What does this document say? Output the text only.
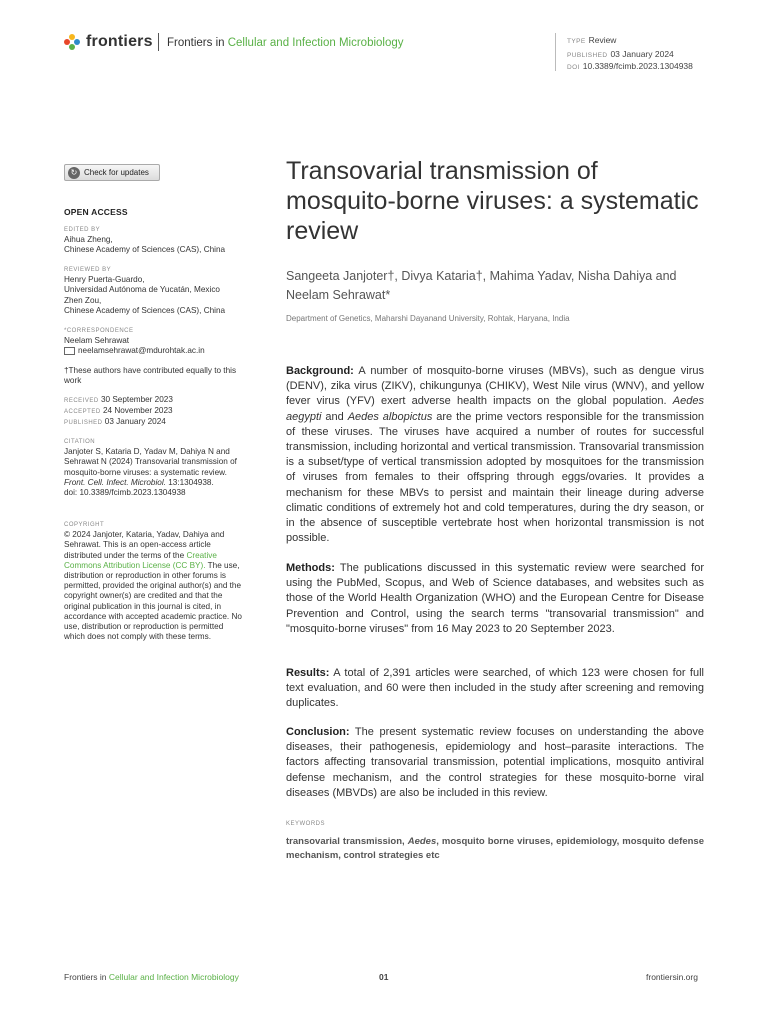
frontiers Frontiers in Cellular and Infection Microbiology	TYPE Review
PUBLISHED 03 January 2024
DOI 10.3389/fcimb.2023.1304938
↻ Check for updates
OPEN ACCESS
EDITED BY
Aihua Zheng,
Chinese Academy of Sciences (CAS), China
REVIEWED BY
Henry Puerta-Guardo,
Universidad Autónoma de Yucatán, Mexico
Zhen Zou,
Chinese Academy of Sciences (CAS), China
*CORRESPONDENCE
Neelam Sehrawat
neelamsehrawat@mdurohtak.ac.in
†These authors have contributed equally to this work
RECEIVED 30 September 2023
ACCEPTED 24 November 2023
PUBLISHED 03 January 2024
CITATION
Janjoter S, Kataria D, Yadav M, Dahiya N and Sehrawat N (2024) Transovarial transmission of mosquito-borne viruses: a systematic review.
Front. Cell. Infect. Microbiol. 13:1304938.
doi: 10.3389/fcimb.2023.1304938
COPYRIGHT
© 2024 Janjoter, Kataria, Yadav, Dahiya and Sehrawat. This is an open-access article distributed under the terms of the Creative Commons Attribution License (CC BY). The use, distribution or reproduction in other forums is permitted, provided the original author(s) and the copyright owner(s) are credited and that the original publication in this journal is cited, in accordance with accepted academic practice. No use, distribution or reproduction is permitted which does not comply with these terms.
Transovarial transmission of mosquito-borne viruses: a systematic review
Sangeeta Janjoter†, Divya Kataria†, Mahima Yadav, Nisha Dahiya and Neelam Sehrawat*
Department of Genetics, Maharshi Dayanand University, Rohtak, Haryana, India
Background: A number of mosquito-borne viruses (MBVs), such as dengue virus (DENV), zika virus (ZIKV), chikungunya (CHIKV), West Nile virus (WNV), and yellow fever virus (YFV) exert adverse health impacts on the global population. Aedes aegypti and Aedes albopictus are the prime vectors responsible for the transmission of these viruses. The viruses have acquired a number of routes for successful transmission, including horizontal and vertical transmission. Transovarial transmission is a subset/type of vertical transmission adopted by mosquitoes for the transmission of viruses from females to their offspring through eggs/ovaries. It provides a mechanism for these MBVs to persist and maintain their lineage during adverse climatic conditions of extremely hot and cold temperatures, during the dry season, or in the absence of susceptible vertebrate host when horizontal transmission is not possible.
Methods: The publications discussed in this systematic review were searched for using the PubMed, Scopus, and Web of Science databases, and websites such as those of the World Health Organization (WHO) and the European Centre for Disease Prevention and Control, using the search terms "transovarial transmission" and "mosquito-borne viruses" from 16 May 2023 to 20 September 2023.
Results: A total of 2,391 articles were searched, of which 123 were chosen for full text evaluation, and 60 were then included in the study after screening and removing duplicates.
Conclusion: The present systematic review focuses on understanding the above diseases, their pathogenesis, epidemiology and host–parasite interactions. The factors affecting transovarial transmission, potential implications, mosquito antiviral defense mechanism, and the control strategies for these mosquito-borne viral diseases (MBVDs) are also be included in this review.
KEYWORDS
transovarial transmission, Aedes, mosquito borne viruses, epidemiology, mosquito defense mechanism, control strategies etc
Frontiers in Cellular and Infection Microbiology	01	frontiersin.org
